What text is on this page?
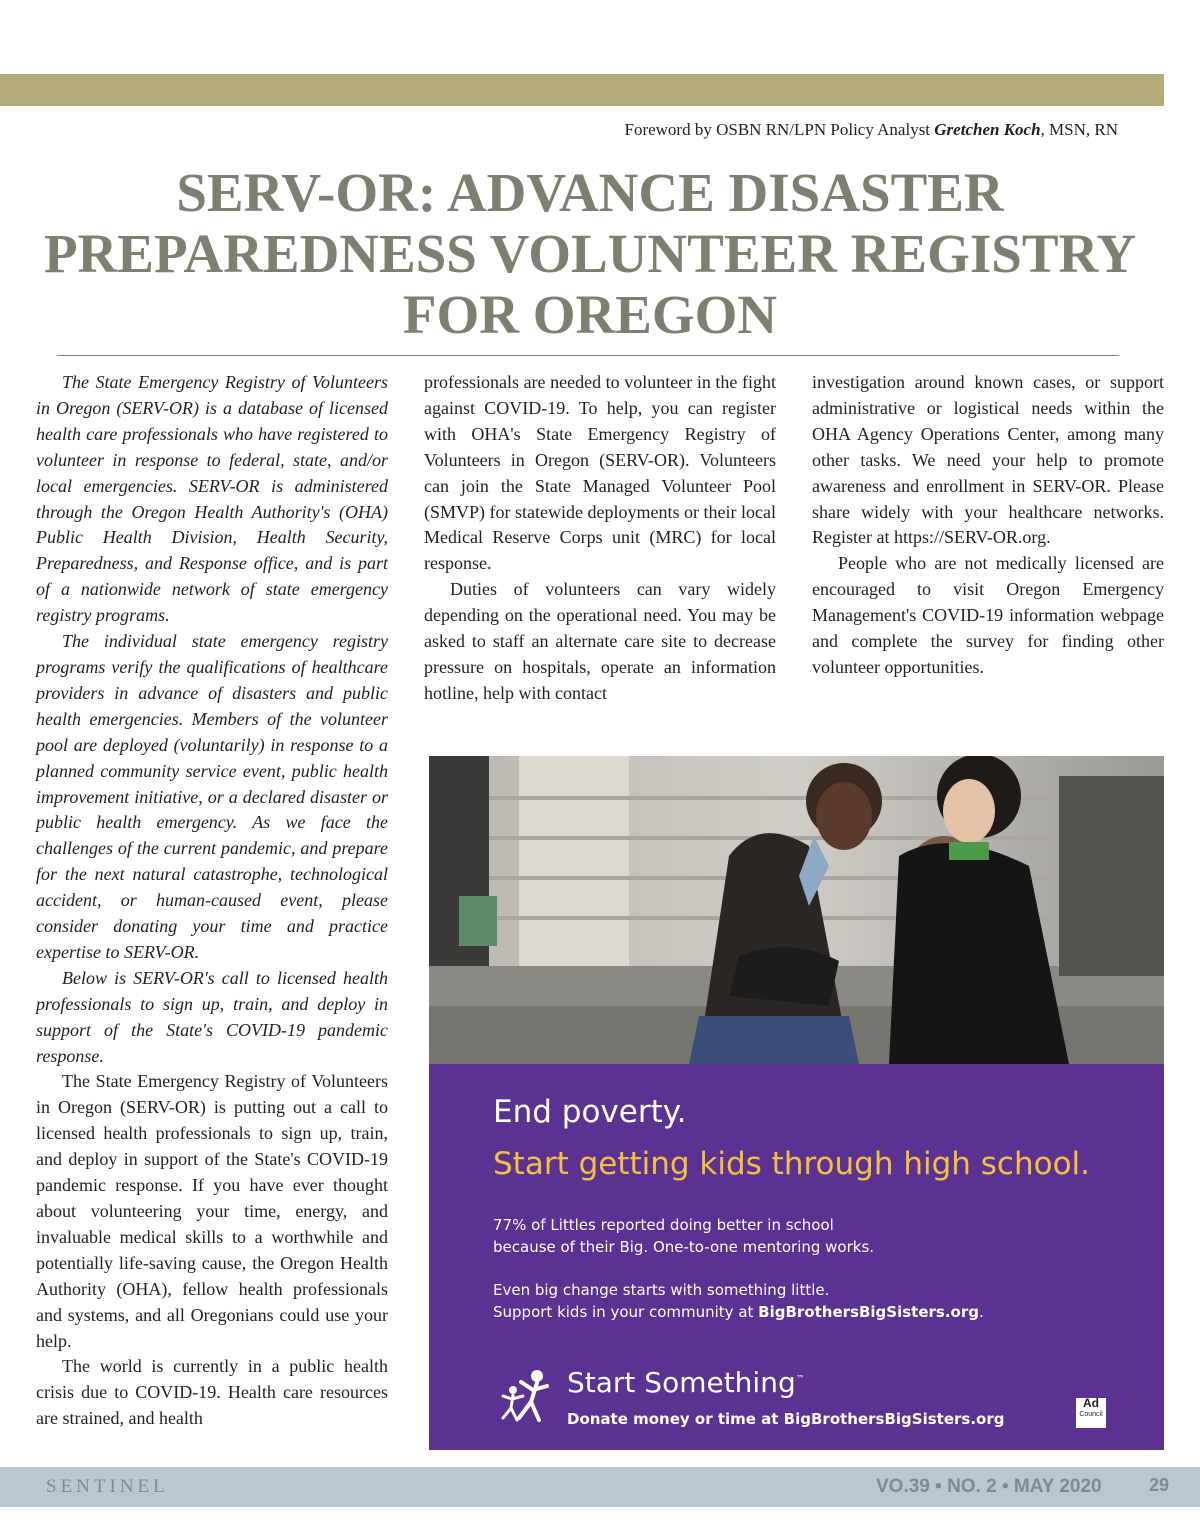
Foreword by OSBN RN/LPN Policy Analyst Gretchen Koch, MSN, RN
SERV-OR: ADVANCE DISASTER
PREPAREDNESS VOLUNTEER REGISTRY
FOR OREGON

The State Emergency Registry of Volunteers in Oregon (SERV-OR) is a database of licensed health care professionals who have registered to volunteer in response to federal, state, and/or local emergencies. SERV-OR is administered through the Oregon Health Authority's (OHA) Public Health Division, Health Security, Preparedness, and Response office, and is part of a nationwide network of state emergency registry programs.

The individual state emergency registry programs verify the qualifications of healthcare providers in advance of disasters and public health emergencies. Members of the volunteer pool are deployed (voluntarily) in response to a planned community service event, public health improvement initiative, or a declared disaster or public health emergency. As we face the challenges of the current pandemic, and prepare for the next natural catastrophe, technological accident, or human-caused event, please consider donating your time and practice expertise to SERV-OR.

Below is SERV-OR's call to licensed health professionals to sign up, train, and deploy in support of the State's COVID-19 pandemic response.

The State Emergency Registry of Volunteers in Oregon (SERV-OR) is putting out a call to licensed health professionals to sign up, train, and deploy in support of the State's COVID-19 pandemic response. If you have ever thought about volunteering your time, energy, and invaluable medical skills to a worthwhile and potentially life-saving cause, the Oregon Health Authority (OHA), fellow health professionals and systems, and all Oregonians could use your help.

The world is currently in a public health crisis due to COVID-19. Health care resources are strained, and health

professionals are needed to volunteer in the fight against COVID-19. To help, you can register with OHA's State Emergency Registry of Volunteers in Oregon (SERV-OR). Volunteers can join the State Managed Volunteer Pool (SMVP) for statewide deployments or their local Medical Reserve Corps unit (MRC) for local response.

Duties of volunteers can vary widely depending on the operational need. You may be asked to staff an alternate care site to decrease pressure on hospitals, operate an information hotline, help with contact

investigation around known cases, or support administrative or logistical needs within the OHA Agency Operations Center, among many other tasks. We need your help to promote awareness and enrollment in SERV-OR. Please share widely with your healthcare networks. Register at https://SERV-OR.org.

People who are not medically licensed are encouraged to visit Oregon Emergency Management's COVID-19 information webpage and complete the survey for finding other volunteer opportunities.

End poverty.
Start getting kids through high school.
77% of Littles reported doing better in school
because of their Big. One-to-one mentoring works.
Even big change starts with something little.
Support kids in your community at BigBrothersBigSisters.org.
Start Something™
Donate money or time at BigBrothersBigSisters.org
Ad
Council
SENTINEL	VO.39 • NO. 2 • MAY 2020	29
